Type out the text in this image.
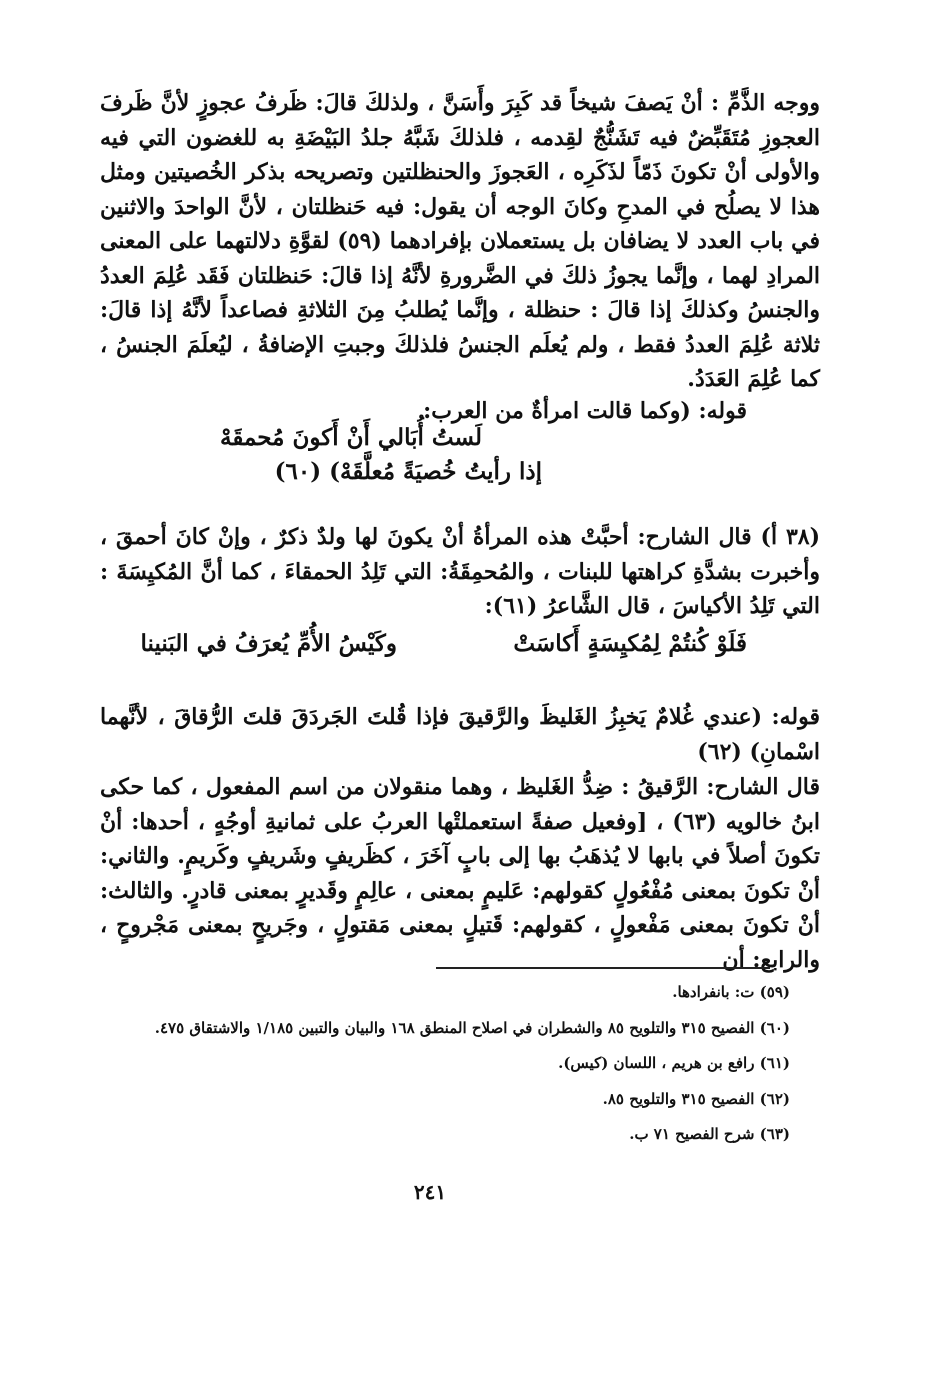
ووجه الذَّمِّ : أنْ يَصفَ شيخاً قد كَبِرَ وأَسَنَّ ، ولذلكَ قالَ: ظَرفُ عجوزٍ لأنَّ ظَرفَ العجوزِ مُتَقَبِّضٌ فيه تَشَنُّجٌ لقِدمه ، فلذلكَ شَبَّهُ جلدُ البَيْضَةِ به للغضون التي فيه والأولى أنْ تكونَ ذَمّاً لذَكَرِه ، العَجوزَ والحنظلتين وتصريحه بذكر الخُصيتين ومثل هذا لا يصلُح في المدحِ وكانَ الوجه أن يقول: فيه حَنظلتان ، لأنَّ الواحدَ والاثنين في باب العدد لا يضافان بل يستعملان بإفرادهما (٥٩) لقوَّةِ دلالتهما على المعنى المرادِ لهما ، وإنَّما يجوزُ ذلكَ في الضَّرورةِ لأنَّهُ إذا قالَ: حَنظلتان فَقَد عُلِمَ العددُ والجنسُ وكذلكَ إذا قالَ : حنظلة ، وإنَّما يُطلبُ مِنَ الثلاثةِ فصاعداً لأنَّهُ إذا قالَ: ثلاثة عُلِمَ العددُ فقط ، ولم يُعلَم الجنسُ فلذلكَ وجبتِ الإضافةُ ، ليُعلَمَ الجنسُ ، كما عُلِمَ العَدَدُ.

قوله: (وكما قالت امرأةٌ من العرب:

لَستُ أُبَالي أَنْ أَكونَ مُحمقَهْ

إذا رأيتُ خُصيَةً مُعلَّقَهْ) (٦٠)

(٣٨ أ) قال الشارح: أحبَّتْ هذه المرأةُ أنْ يكونَ لها ولدٌ ذكرٌ ، وإنْ كانَ أحمقَ ، وأخبرت بشدَّةِ كراهتها للبنات ، والمُحمِقَةُ: التي تَلِدُ الحمقاءَ ، كما أنَّ المُكيِسَةَ : التي تَلِدُ الأكياسَ ، قال الشَّاعرُ (٦١):

فَلَوْ كُنتُمْ لِمُكيِسَةٍ أَكاسَتْ

وكَيْسُ الأُمِّ يُعرَفُ في البَنينا

قوله: (عندي غُلامٌ يَخبِزُ الغَليظَ والرَّقيقَ فإذا قُلتَ الجَردَقَ قلتَ الرُّقاقَ ، لأنَّهما اسْمانِ) (٦٢)

قال الشارح: الرَّقيقُ : ضِدُّ الغَليظ ، وهما منقولان من اسم المفعول ، كما حكى ابنُ خالويه (٦٣) ، [وفعيل صفةً استعملتْها العربُ على ثمانيةِ أوجُهٍ ، أحدها: أنْ تكونَ أصلاً في بابها لا يُذهَبُ بها إلى بابٍ آخَرَ ، كظَريفٍ وشَريفٍ وكَريمٍ. والثاني: أنْ تكونَ بمعنى مُفْعُولٍ كقولهم: عَليمٍ بمعنى ، عالِمٍ وقَديرٍ بمعنى قادرٍ. والثالث: أنْ تكونَ بمعنى مَفْعولٍ ، كقولهم: قَتيلٍ بمعنى مَقتولٍ ، وجَريحٍ بمعنى مَجْروحٍ ، والرابع: أن

(٥٩) ت: بانفرادها.
(٦٠) الفصيح ٣١٥ والتلويح ٨٥ والشطران في اصلاح المنطق ١٦٨ والبيان والتبين ١/١٨٥ والاشتقاق ٤٧٥.
(٦١) رافع بن هريم ، اللسان (كيس).
(٦٢) الفصيح ٣١٥ والتلويح ٨٥.
(٦٣) شرح الفصيح ٧١ ب.
٢٤١
